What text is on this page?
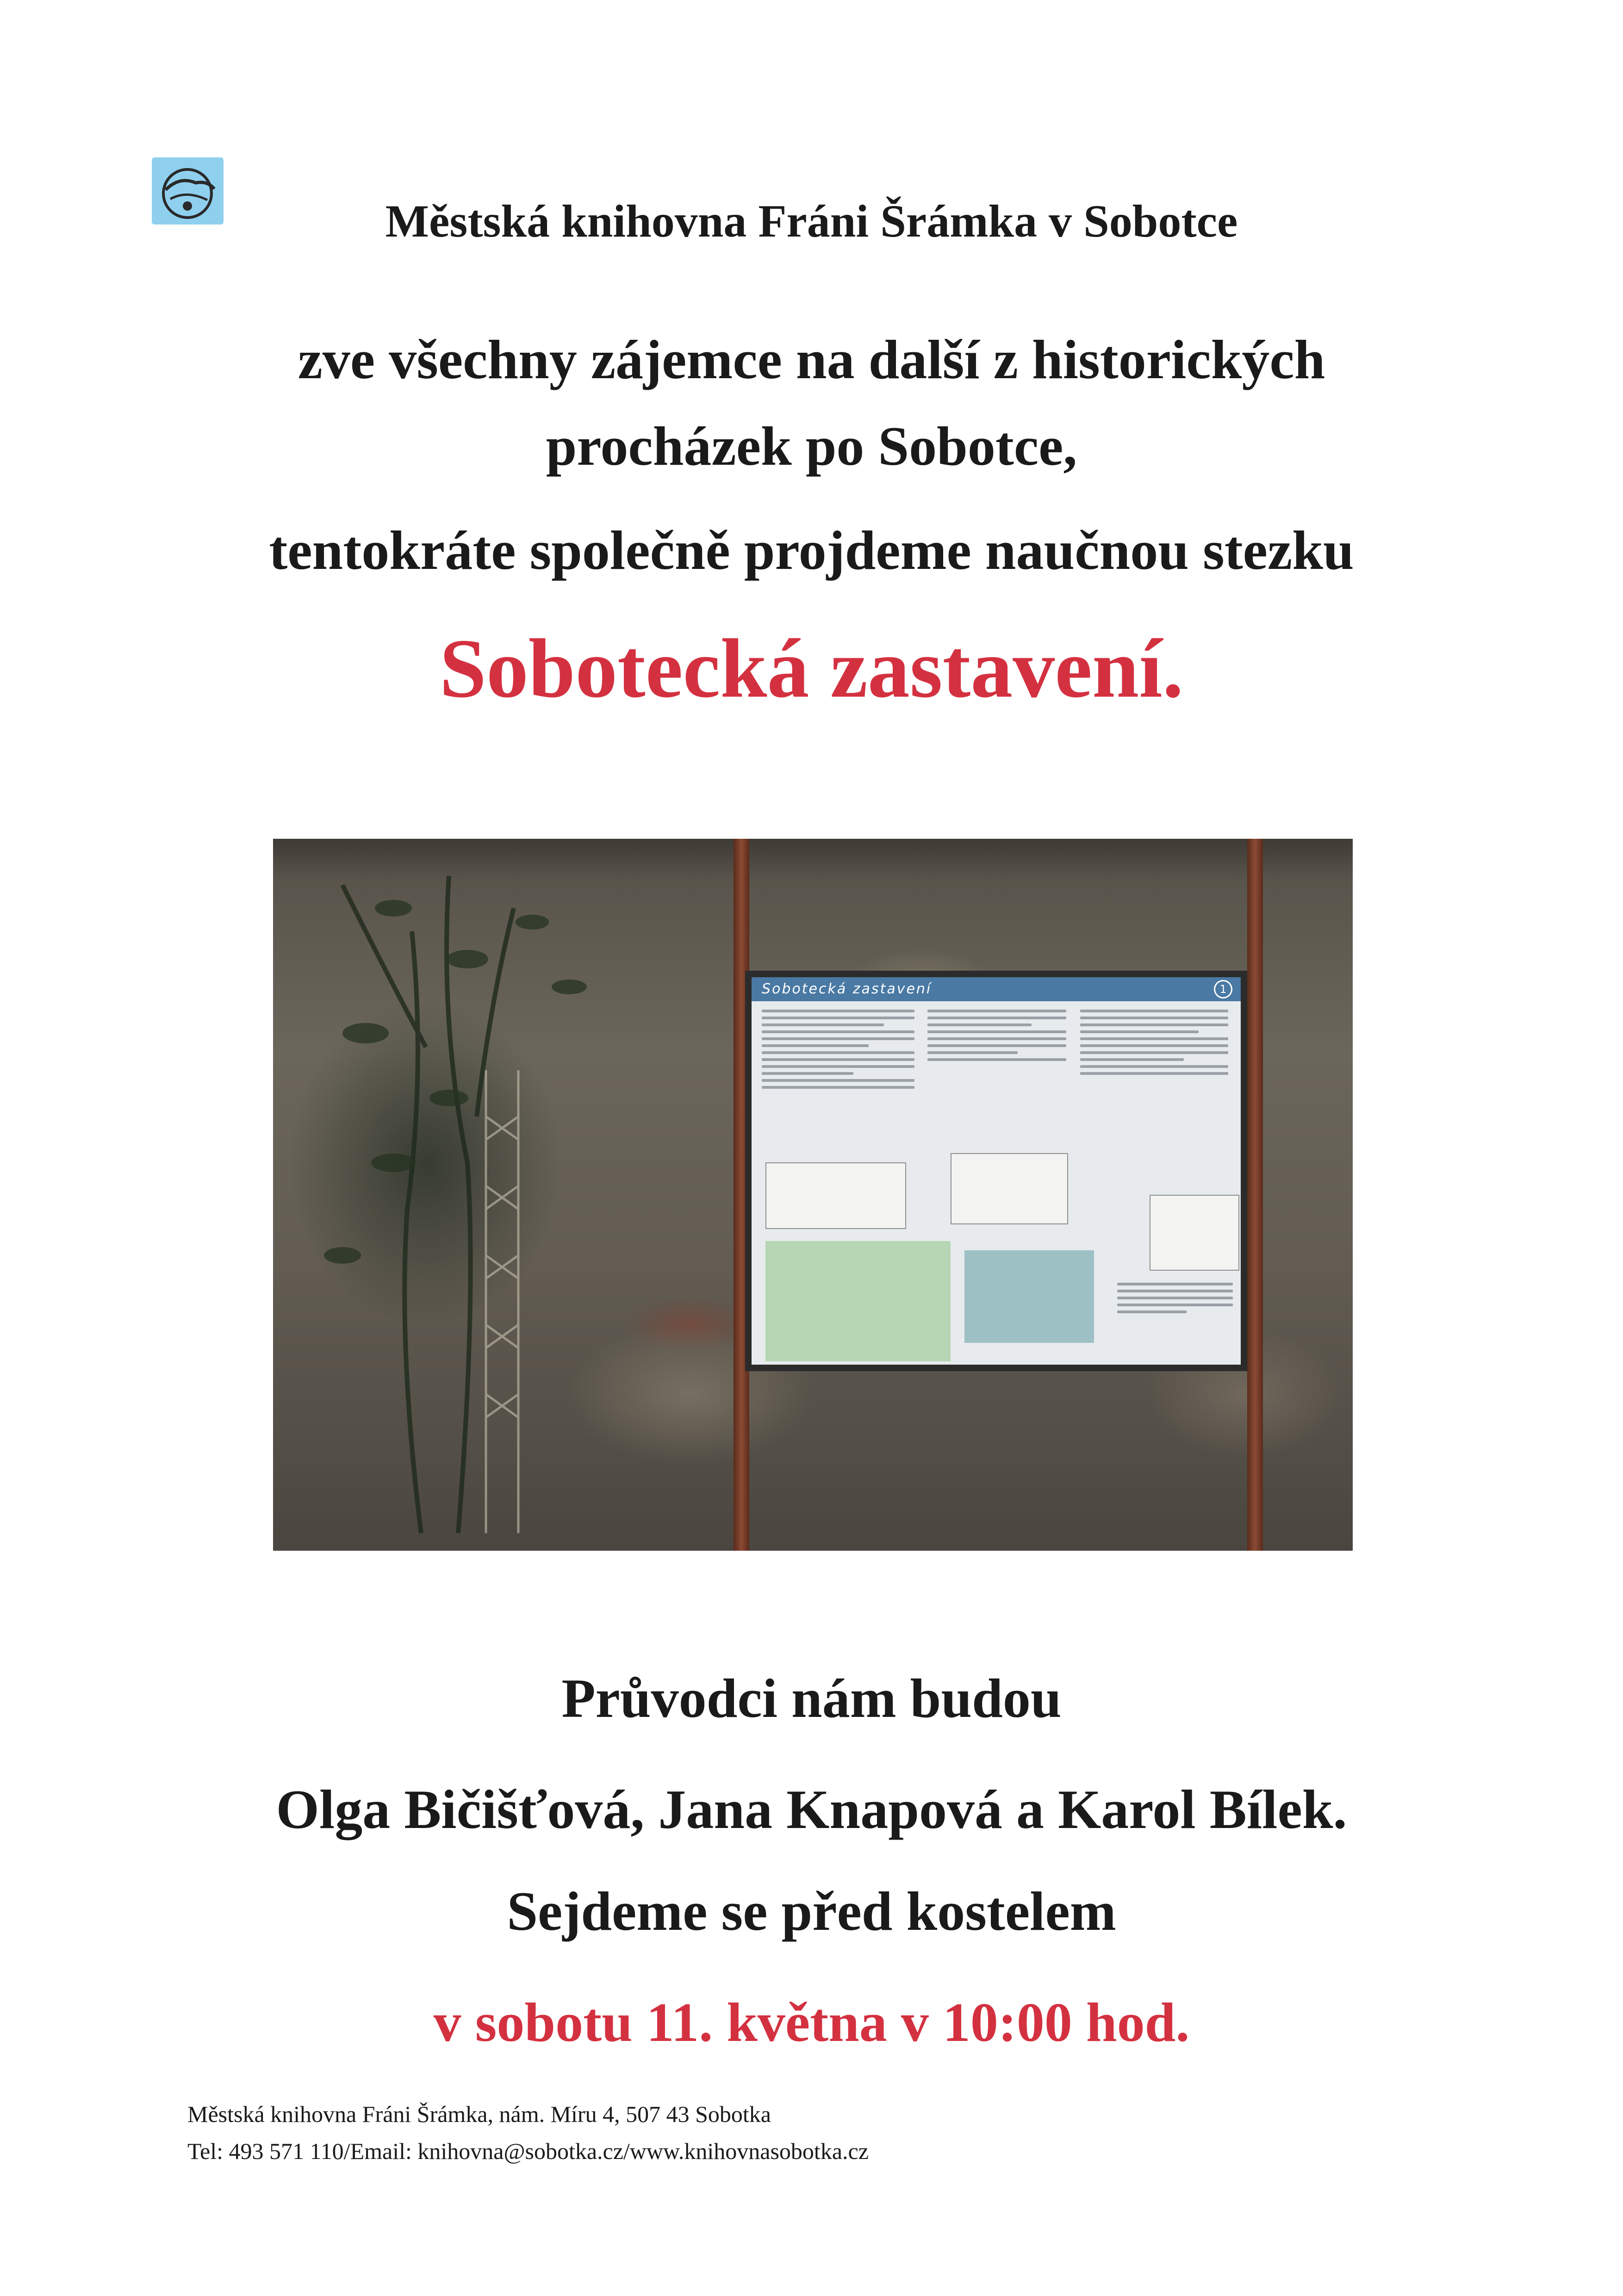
Městská knihovna Fráni Šrámka v Sobotce
zve všechny zájemce na další z historických
procházek po Sobotce,
tentokráte společně projdeme naučnou stezku
Sobotecká zastavení.
Sobotecká zastavení	1
Průvodci nám budou
Olga Bičišťová, Jana Knapová a Karol Bílek.
Sejdeme se před kostelem
v sobotu 11. května v 10:00 hod.
Městská knihovna Fráni Šrámka, nám. Míru 4, 507 43 Sobotka
Tel: 493 571 110/Email: knihovna@sobotka.cz/www.knihovnasobotka.cz
